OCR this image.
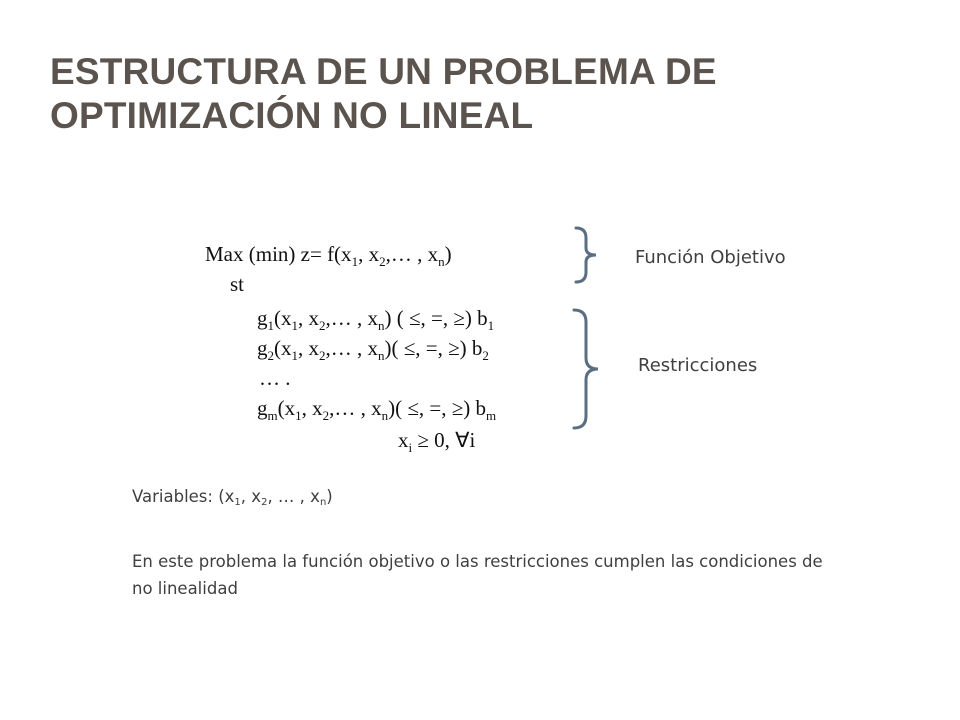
ESTRUCTURA DE UN PROBLEMA DE
OPTIMIZACIÓN NO LINEAL
Max (min) $z= f(x_1$, $x_2,\dots$ , $x_n$)
st
$g_1(x_1$, $x_2,\dots$ , $x_n$) ( ≤, =, ≥) $b_1$
$g_2(x_1$, $x_2,\dots$ , $x_n$)( ≤, =, ≥) $b_2$
… .
$g_m(x_1$, $x_2,\dots$ , $x_n$)( ≤, =, ≥) $b_m$
$x_i \ge 0$, ∀i
Función Objetivo
Restricciones
Variables: ($x_1$, $x_2$, … , $x_n$)
En este problema la función objetivo o las restricciones cumplen las condiciones de no linealidad
